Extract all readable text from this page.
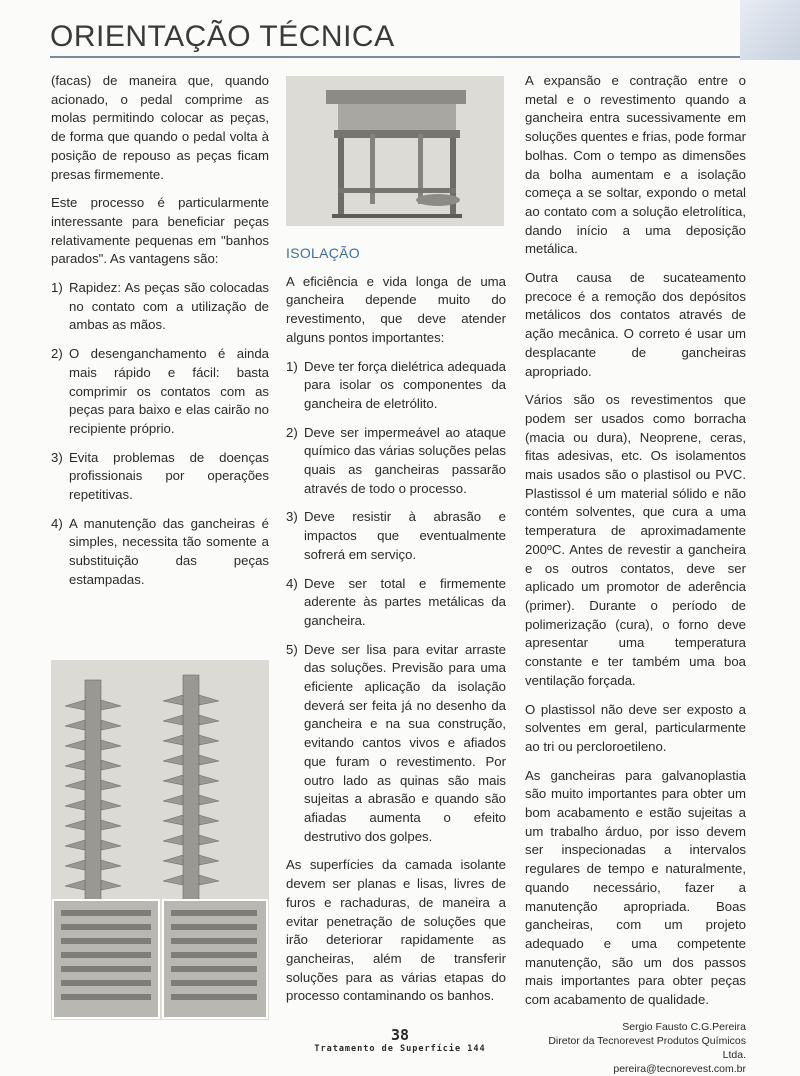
ORIENTAÇÃO TÉCNICA

(facas) de maneira que, quando acionado, o pedal comprime as molas permitindo colocar as peças, de forma que quando o pedal volta à posição de repouso as peças ficam presas firmemente.

Este processo é particularmente interessante para beneficiar peças relativamente pequenas em "banhos parados". As vantagens são:

1) Rapidez: As peças são colocadas no contato com a utilização de ambas as mãos.
2) O desenganchamento é ainda mais rápido e fácil: basta comprimir os contatos com as peças para baixo e elas cairão no recipiente próprio.
3) Evita problemas de doenças profissionais por operações repetitivas.
4) A manutenção das gancheiras é simples, necessita tão somente a substituição das peças estampadas.
ISOLAÇÃO

A eficiência e vida longa de uma gancheira depende muito do revestimento, que deve atender alguns pontos importantes:

1) Deve ter força dielétrica adequada para isolar os componentes da gancheira de eletrólito.
2) Deve ser impermeável ao ataque químico das várias soluções pelas quais as gancheiras passarão através de todo o processo.
3) Deve resistir à abrasão e impactos que eventualmente sofrerá em serviço.
4) Deve ser total e firmemente aderente às partes metálicas da gancheira.
5) Deve ser lisa para evitar arraste das soluções. Previsão para uma eficiente aplicação da isolação deverá ser feita já no desenho da gancheira e na sua construção, evitando cantos vivos e afiados que furam o revestimento. Por outro lado as quinas são mais sujeitas a abrasão e quando são afiadas aumenta o efeito destrutivo dos golpes.

As superfícies da camada isolante devem ser planas e lisas, livres de furos e rachaduras, de maneira a evitar penetração de soluções que irão deteriorar rapidamente as gancheiras, além de transferir soluções para as várias etapas do processo contaminando os banhos.

A expansão e contração entre o metal e o revestimento quando a gancheira entra sucessivamente em soluções quentes e frias, pode formar bolhas. Com o tempo as dimensões da bolha aumentam e a isolação começa a se soltar, expondo o metal ao contato com a solução eletrolítica, dando início a uma deposição metálica.

Outra causa de sucateamento precoce é a remoção dos depósitos metálicos dos contatos através de ação mecânica. O correto é usar um desplacante de gancheiras apropriado.

Vários são os revestimentos que podem ser usados como borracha (macia ou dura), Neoprene, ceras, fitas adesivas, etc. Os isolamentos mais usados são o plastisol ou PVC. Plastissol é um material sólido e não contém solventes, que cura a uma temperatura de aproximadamente 200ºC. Antes de revestir a gancheira e os outros contatos, deve ser aplicado um promotor de aderência (primer). Durante o período de polimerização (cura), o forno deve apresentar uma temperatura constante e ter também uma boa ventilação forçada.

O plastissol não deve ser exposto a solventes em geral, particularmente ao tri ou percloroetileno.

As gancheiras para galvanoplastia são muito importantes para obter um bom acabamento e estão sujeitas a um trabalho árduo, por isso devem ser inspecionadas a intervalos regulares de tempo e naturalmente, quando necessário, fazer a manutenção apropriada. Boas gancheiras, com um projeto adequado e uma competente manutenção, são um dos passos mais importantes para obter peças com acabamento de qualidade.

Sergio Fausto C.G.Pereira
Diretor da Tecnorevest Produtos Químicos Ltda.
pereira@tecnorevest.com.br
38
Tratamento de Superfície 144
